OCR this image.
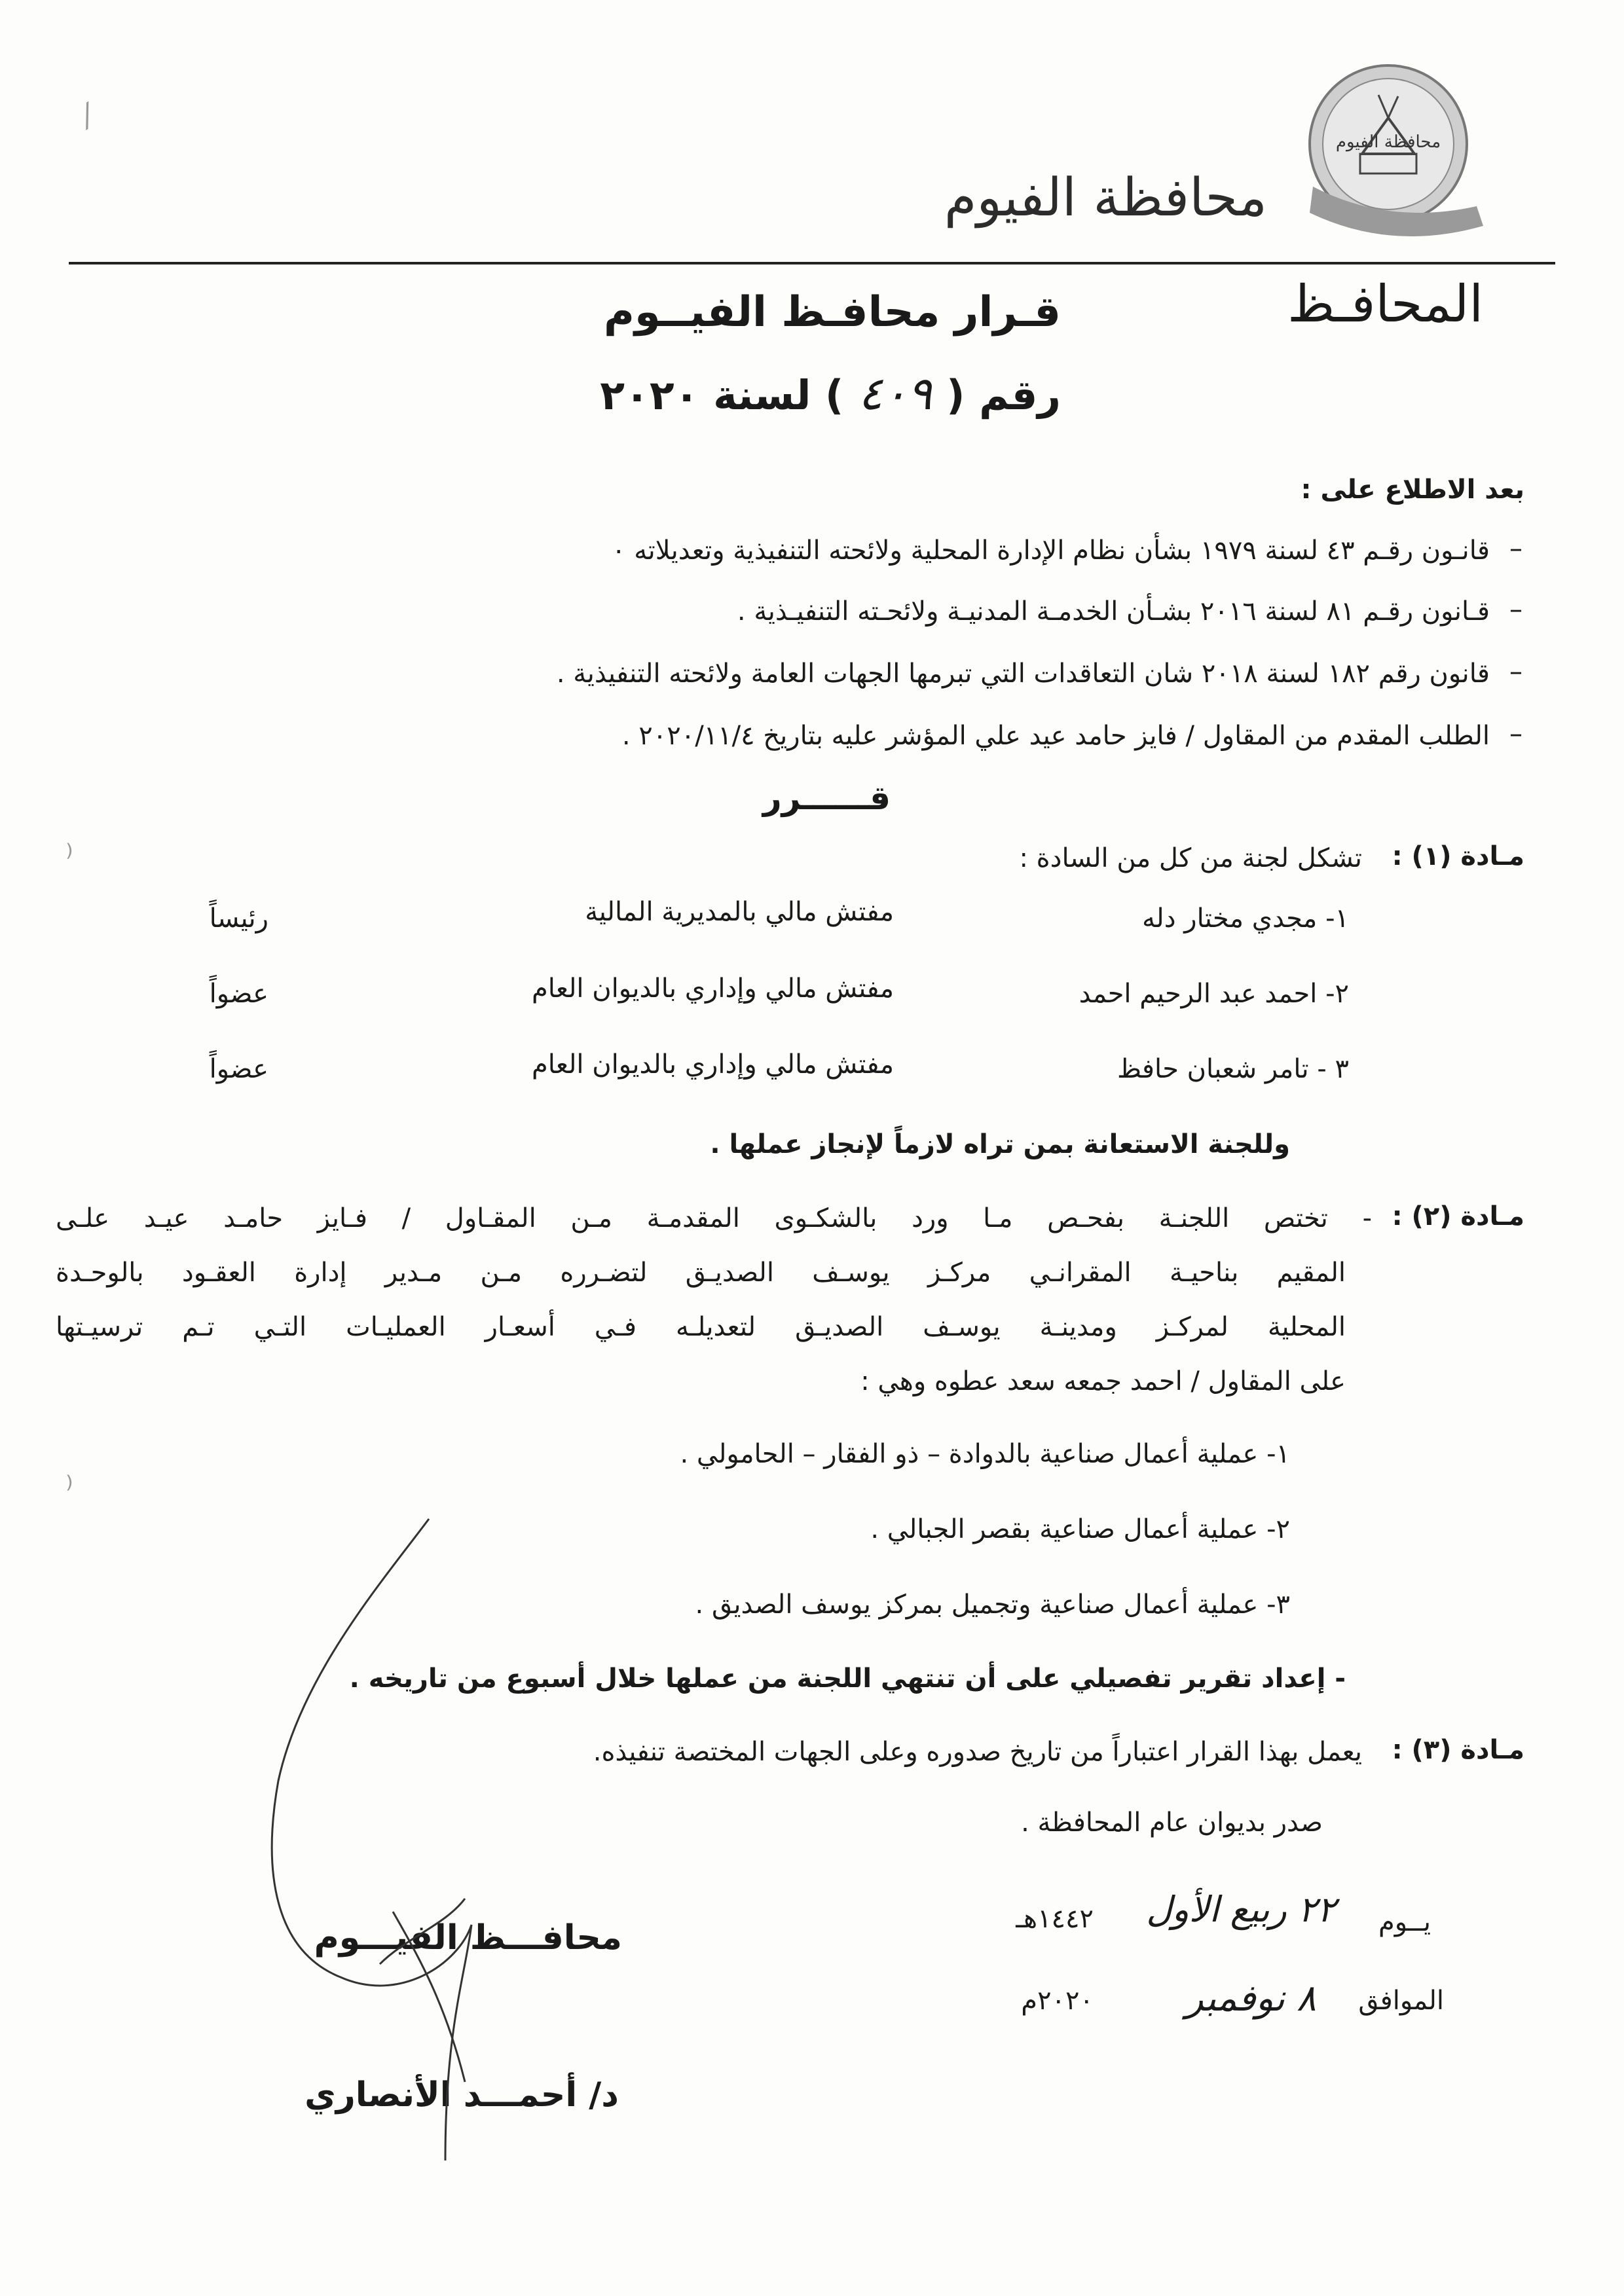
محافظة الفيوم
محافظة الفيوم
المحافـظ
قـرار محافـظ الفيــوم
رقم (٤٠٩) لسنة ٢٠٢٠
بعد الاطلاع على :
–
قانـون رقـم ٤٣ لسنة ١٩٧٩ بشأن نظام الإدارة المحلية ولائحته التنفيذية وتعديلاته ٠
–
قـانون رقـم ٨١ لسنة ٢٠١٦ بشـأن الخدمـة المدنيـة ولائحـته التنفيـذية .
–
قانون رقم ١٨٢ لسنة ٢٠١٨ شان التعاقدات التي تبرمها الجهات العامة ولائحته التنفيذية .
–
الطلب المقدم من المقاول / فايز حامد عيد علي المؤشر عليه بتاريخ ٢٠٢٠/١١/٤ .
قــــــرر
مـادة (١) :
تشكل لجنة من كل من السادة :
١- مجدي مختار دله
مفتش مالي بالمديرية المالية
رئيساً
٢- احمد عبد الرحيم احمد
مفتش مالي وإداري بالديوان العام
عضواً
٣ - تامر شعبان حافظ
مفتش مالي وإداري بالديوان العام
عضواً
وللجنة الاستعانة بمن تراه لازماً لإنجاز عملها .
مـادة (٢) :
- تختص اللجنـة بفحـص مـا ورد بالشكـوى المقدمـة مـن المقـاول / فـايز حامـد عيـد علـى
المقيم بناحيـة المقرانـي مركـز يوسـف الصديـق لتضـرره مـن مـدير إدارة العقـود بالوحـدة
المحلية لمركـز ومدينـة يوسـف الصديـق لتعديلـه فـي أسعـار العمليـات التـي تـم ترسيـتها
على المقاول / احمد جمعه سعد عطوه وهي :
١- عملية أعمال صناعية بالدوادة – ذو الفقار – الحامولي .
٢- عملية أعمال صناعية بقصر الجبالي .
٣- عملية أعمال صناعية وتجميل بمركز يوسف الصديق .
- إعداد تقرير تفصيلي على أن تنتهي اللجنة من عملها خلال أسبوع من تاريخه .
مـادة (٣) :
يعمل بهذا القرار اعتباراً من تاريخ صدوره وعلى الجهات المختصة تنفيذه.
صدر بديوان عام المحافظة .
يــوم
٢٢ ربيع الأول
١٤٤٢هـ
الموافق
٨ نوفمبر
٢٠٢٠م
محافـــظ الفيـــوم
د/ أحمـــد الأنصاري
⁄
⁾
⁾
